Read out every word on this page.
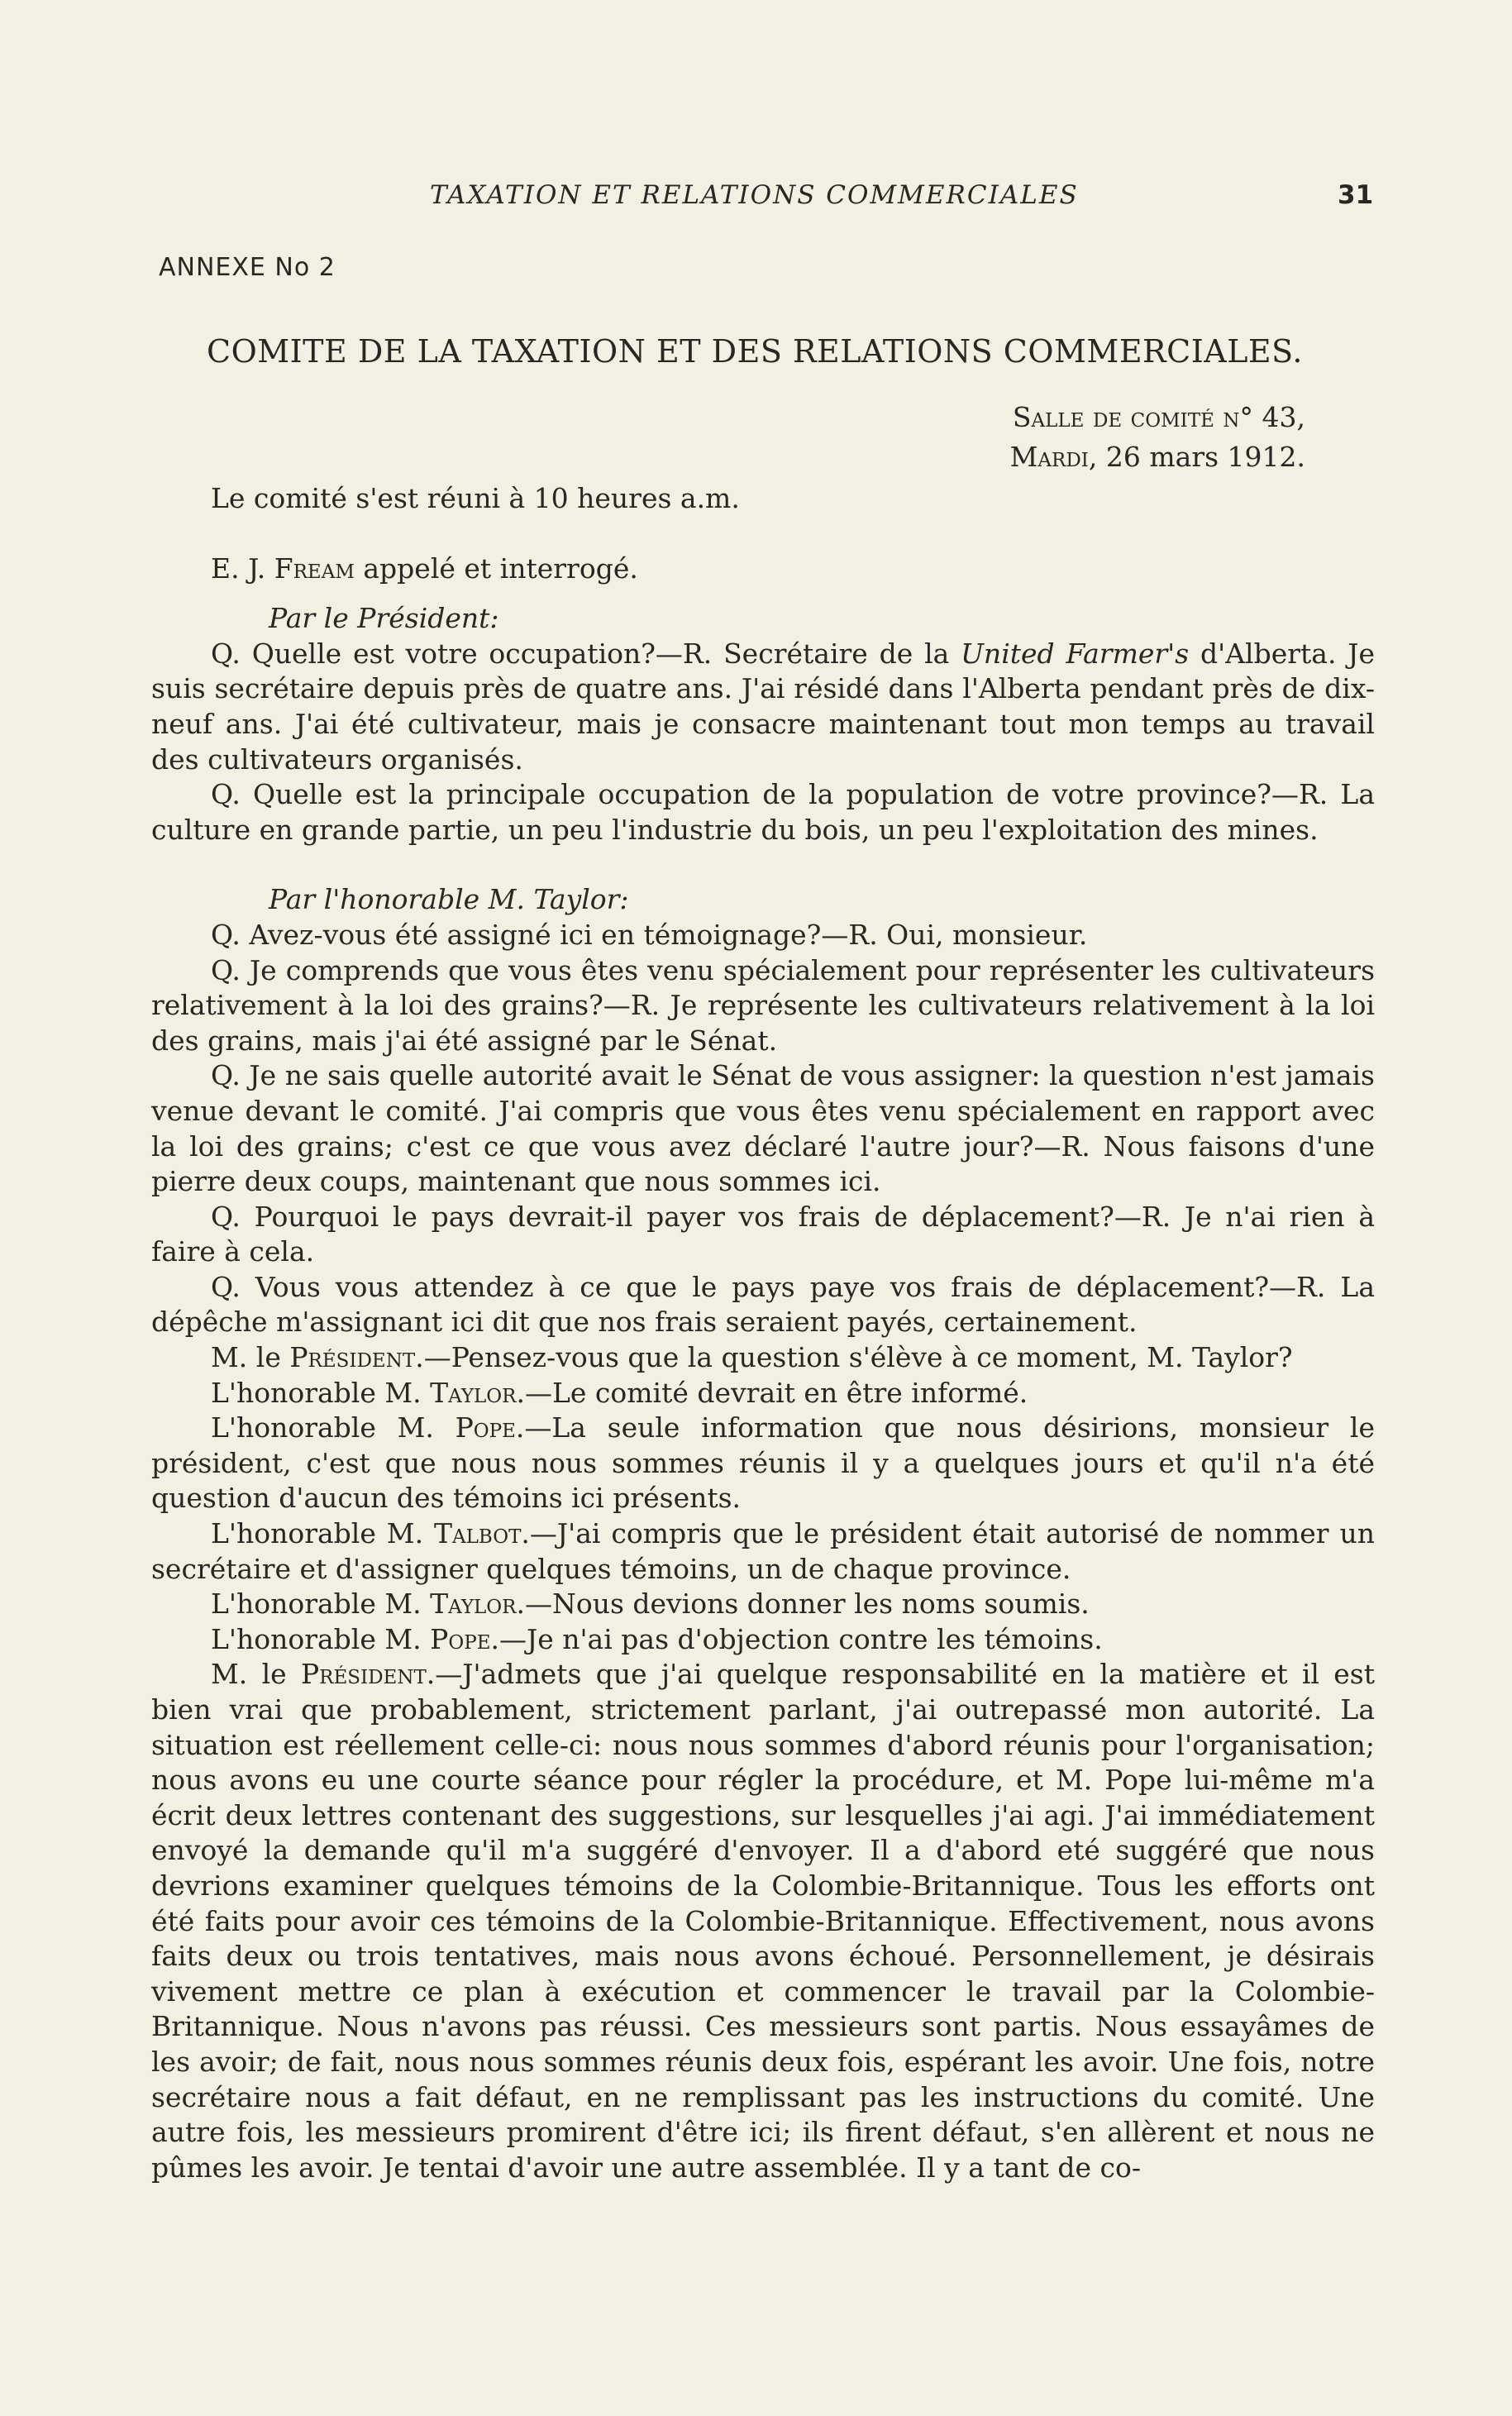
TAXATION ET RELATIONS COMMERCIALES	31
ANNEXE No 2
COMITE DE LA TAXATION ET DES RELATIONS COMMERCIALES.
Salle de comité n° 43,
Mardi, 26 mars 1912.

Le comité s'est réuni à 10 heures a.m.

E. J. Fream appelé et interrogé.

Par le Président:

Q. Quelle est votre occupation?—R. Secrétaire de la United Farmer's d'Alberta. Je suis secrétaire depuis près de quatre ans. J'ai résidé dans l'Alberta pendant près de dix-neuf ans. J'ai été cultivateur, mais je consacre maintenant tout mon temps au travail des cultivateurs organisés.

Q. Quelle est la principale occupation de la population de votre province?—R. La culture en grande partie, un peu l'industrie du bois, un peu l'exploitation des mines.

Par l'honorable M. Taylor:

Q. Avez-vous été assigné ici en témoignage?—R. Oui, monsieur.

Q. Je comprends que vous êtes venu spécialement pour représenter les cultivateurs relativement à la loi des grains?—R. Je représente les cultivateurs relativement à la loi des grains, mais j'ai été assigné par le Sénat.

Q. Je ne sais quelle autorité avait le Sénat de vous assigner: la question n'est jamais venue devant le comité. J'ai compris que vous êtes venu spécialement en rapport avec la loi des grains; c'est ce que vous avez déclaré l'autre jour?—R. Nous faisons d'une pierre deux coups, maintenant que nous sommes ici.

Q. Pourquoi le pays devrait-il payer vos frais de déplacement?—R. Je n'ai rien à faire à cela.

Q. Vous vous attendez à ce que le pays paye vos frais de déplacement?—R. La dépêche m'assignant ici dit que nos frais seraient payés, certainement.

M. le Président.—Pensez-vous que la question s'élève à ce moment, M. Taylor?

L'honorable M. Taylor.—Le comité devrait en être informé.

L'honorable M. Pope.—La seule information que nous désirions, monsieur le président, c'est que nous nous sommes réunis il y a quelques jours et qu'il n'a été question d'aucun des témoins ici présents.

L'honorable M. Talbot.—J'ai compris que le président était autorisé de nommer un secrétaire et d'assigner quelques témoins, un de chaque province.

L'honorable M. Taylor.—Nous devions donner les noms soumis.

L'honorable M. Pope.—Je n'ai pas d'objection contre les témoins.

M. le Président.—J'admets que j'ai quelque responsabilité en la matière et il est bien vrai que probablement, strictement parlant, j'ai outrepassé mon autorité. La situation est réellement celle-ci: nous nous sommes d'abord réunis pour l'organisation; nous avons eu une courte séance pour régler la procédure, et M. Pope lui-même m'a écrit deux lettres contenant des suggestions, sur lesquelles j'ai agi. J'ai immédiatement envoyé la demande qu'il m'a suggéré d'envoyer. Il a d'abord eté suggéré que nous devrions examiner quelques témoins de la Colombie-Britannique. Tous les efforts ont été faits pour avoir ces témoins de la Colombie-Britannique. Effectivement, nous avons faits deux ou trois tentatives, mais nous avons échoué. Personnellement, je désirais vivement mettre ce plan à exécution et commencer le travail par la Colombie-Britannique. Nous n'avons pas réussi. Ces messieurs sont partis. Nous essayâmes de les avoir; de fait, nous nous sommes réunis deux fois, espérant les avoir. Une fois, notre secrétaire nous a fait défaut, en ne remplissant pas les instructions du comité. Une autre fois, les messieurs promirent d'être ici; ils firent défaut, s'en allèrent et nous ne pûmes les avoir. Je tentai d'avoir une autre assemblée. Il y a tant de co-
